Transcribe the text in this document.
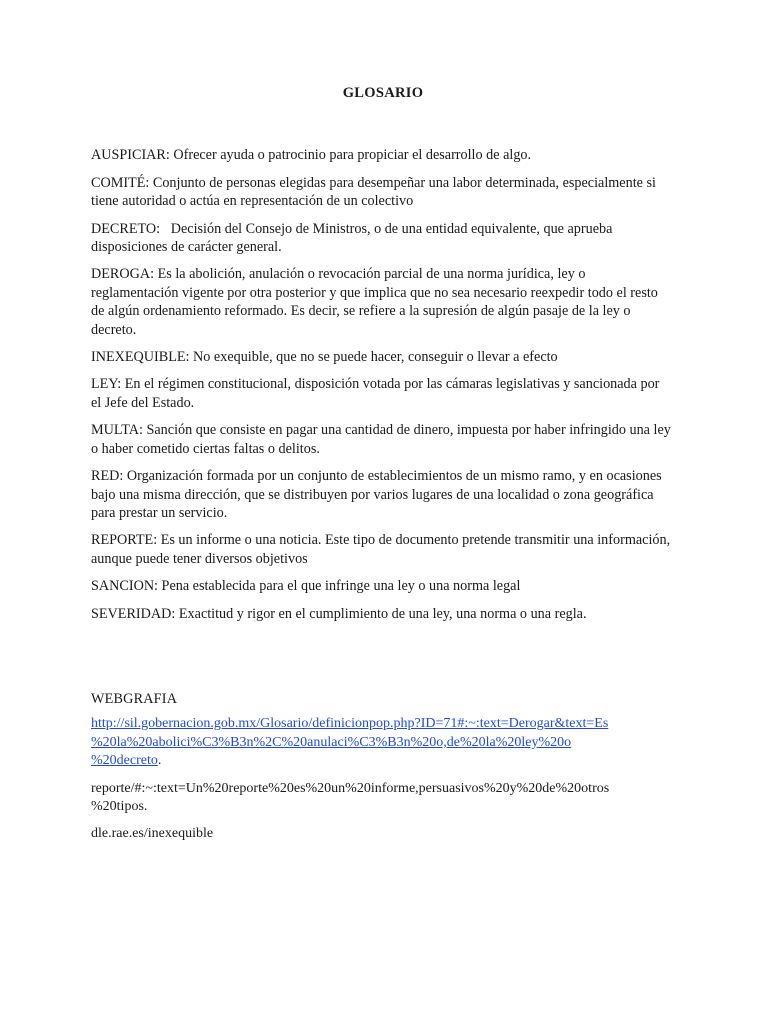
GLOSARIO

AUSPICIAR: Ofrecer ayuda o patrocinio para propiciar el desarrollo de algo.

COMITÉ: Conjunto de personas elegidas para desempeñar una labor determinada, especialmente si tiene autoridad o actúa en representación de un colectivo

DECRETO:   Decisión del Consejo de Ministros, o de una entidad equivalente, que aprueba disposiciones de carácter general.

DEROGA: Es la abolición, anulación o revocación parcial de una norma jurídica, ley o reglamentación vigente por otra posterior y que implica que no sea necesario reexpedir todo el resto de algún ordenamiento reformado. Es decir, se refiere a la supresión de algún pasaje de la ley o decreto.

INEXEQUIBLE: No exequible, que no se puede hacer, conseguir o llevar a efecto

LEY: En el régimen constitucional, disposición votada por las cámaras legislativas y sancionada por el Jefe del Estado.

MULTA: Sanción que consiste en pagar una cantidad de dinero, impuesta por haber infringido una ley o haber cometido ciertas faltas o delitos.

RED: Organización formada por un conjunto de establecimientos de un mismo ramo, y en ocasiones bajo una misma dirección, que se distribuyen por varios lugares de una localidad o zona geográfica para prestar un servicio.

REPORTE: Es un informe o una noticia. Este tipo de documento pretende transmitir una información, aunque puede tener diversos objetivos

SANCION: Pena establecida para el que infringe una ley o una norma legal

SEVERIDAD: Exactitud y rigor en el cumplimiento de una ley, una norma o una regla.

WEBGRAFIA

http://sil.gobernacion.gob.mx/Glosario/definicionpop.php?ID=71#:~:text=Derogar&text=Es
%20la%20abolici%C3%B3n%2C%20anulaci%C3%B3n%20o,de%20la%20ley%20o
%20decreto.

reporte/#:~:text=Un%20reporte%20es%20un%20informe,persuasivos%20y%20de%20otros
%20tipos.

dle.rae.es/inexequible
